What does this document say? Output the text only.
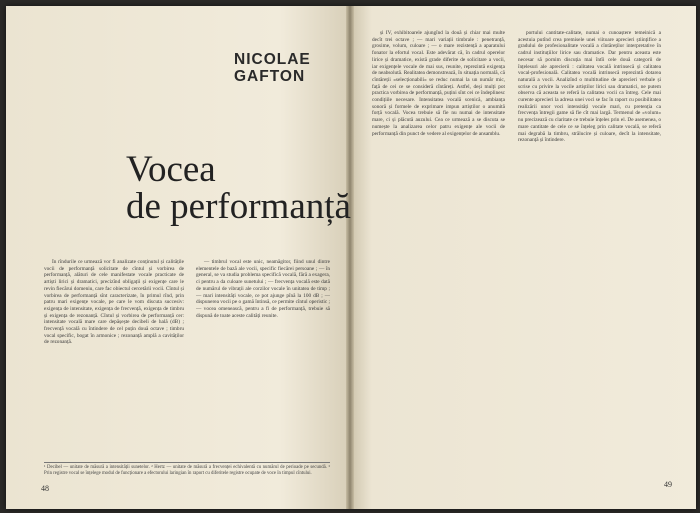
NICOLAE
GAFTON
Vocea
de performanță

În rîndurile ce urmează vor fi analizate conținutul și calitățile vocii de performanță solicitate de cîntul și vorbirea de performanță, alături de cele manifestate vocale practicate de artiști lirici și dramatici, precizînd obligații și exigențe care le revin fiecărui domeniu, care fac obiectul cercetării vocii. Cîntul și vorbirea de performanță sînt caracterizate, în primul rînd, prin patru mari exigențe vocale, pe care le vom discuta succesiv: exigența de intensitate, exigența de frecvență, exigența de timbru și exigența de rezonanță. Cîntul și vorbirea de performanță cer: intensitate vocală mare care depășește decibeli de hală (dB) ; frecvență vocală cu întindere de cel puțin două octave ; timbru vocal specific, bogat în armonice ; rezonanță amplă a cavităților de rezonanță.

— timbrul vocal este unic, neamăgitor, fiind unul dintre elementele de bază ale vocii, specific fiecărei persoane ; — în general, se va studia problema specifică vocală, fără a exagera, ci pentru a da culoare sunetului ; — frecvența vocală este dată de numărul de vibrații ale corzilor vocale în unitatea de timp ; — mari intensități vocale, ce pot ajunge pînă la 100 dB ; — dispunerea vocii pe o gamă întinsă, ce permite cîntul operistic ; — vocea omenească, pentru a fi de performanță, trebuie să dispună de toate aceste calități reunite.

¹ Decibel — unitate de măsură a intensității sunetelor. ² Hertz — unitate de măsură a frecvenței echivalentă cu numărul de perioade pe secundă. ³ Prin registre vocal se înțelege modul de funcționare a efectorului laringian în raport cu diferitele registre ocupate de voce în timpul cîntului.

și IV, exhibitoarele ajungînd la două și chiar mai multe decît trei octave ; — mari variații timbrale : penetranță, grosime, volum, culoare ; — o mare rezistență a aparatului fonator la efortul vocal. Este adevărat că, în cadrul operelor lirice și dramatice, există grade diferite de solicitare a vocii, iar exigențele vocale de mai sus, reunite, reprezintă exigența de neabsolută. Realitatea demonstrează, în situația normală, că cîntăreții «selecționabili» se reduc numai la un număr mic, față de cei ce se consideră cîntăreți. Astfel, deși mulți pot practica vorbirea de performanță, puțini sînt cei ce îndeplinesc condițiile necesare. Intensitatea vocală scenică, ambianța sonoră și formele de exprimare impun artiștilor o anumită forță vocală. Vocea trebuie să fie nu numai de intensitate mare, ci și plăcută auzului. Cea ce urmează a se discuta se numește la analizarea celor patru exigențe ale vocii de performanță din punct de vedere al exigențelor de ansamblu.

portului cantitate-calitate, numai o cunoaștere temeinică a acestuia putînd crea premisele unei viitoare aprecieri științifice a gradului de profesionalitate vocală a cîntăreților interpretative în cadrul instituțiilor lirice sau dramatice. Dar pentru aceasta este necesar să pornim discuția mai întîi cele două categorii de înțelesuri ale aprecierii : calitatea vocală intrinsecă și calitatea vocal-profesională. Calitatea vocală intrinsecă reprezintă dotarea naturală a vocii. Analizînd o multitudine de aprecieri verbale și scrise cu privire la vocile artiștilor lirici sau dramatici, ne putem observa că aceasta se referă la calitatea vocii ca întreg. Cele mai curente aprecieri la adresa unei voci se fac în raport cu posibilitatea realizării unor voci intensități vocale mari, cu pretenția ca frecvența întregii game să fie cît mai largă. Termenul de «volum» nu precizează cu claritate ce trebuie înțeles prin el. De asemenea, o mare cantitate de cele ce se înțeleg prin calitate vocală, se referă mai degrabă la timbru, strălucire și culoare, decît la intensitate, rezonanță și întindere.

48	49
